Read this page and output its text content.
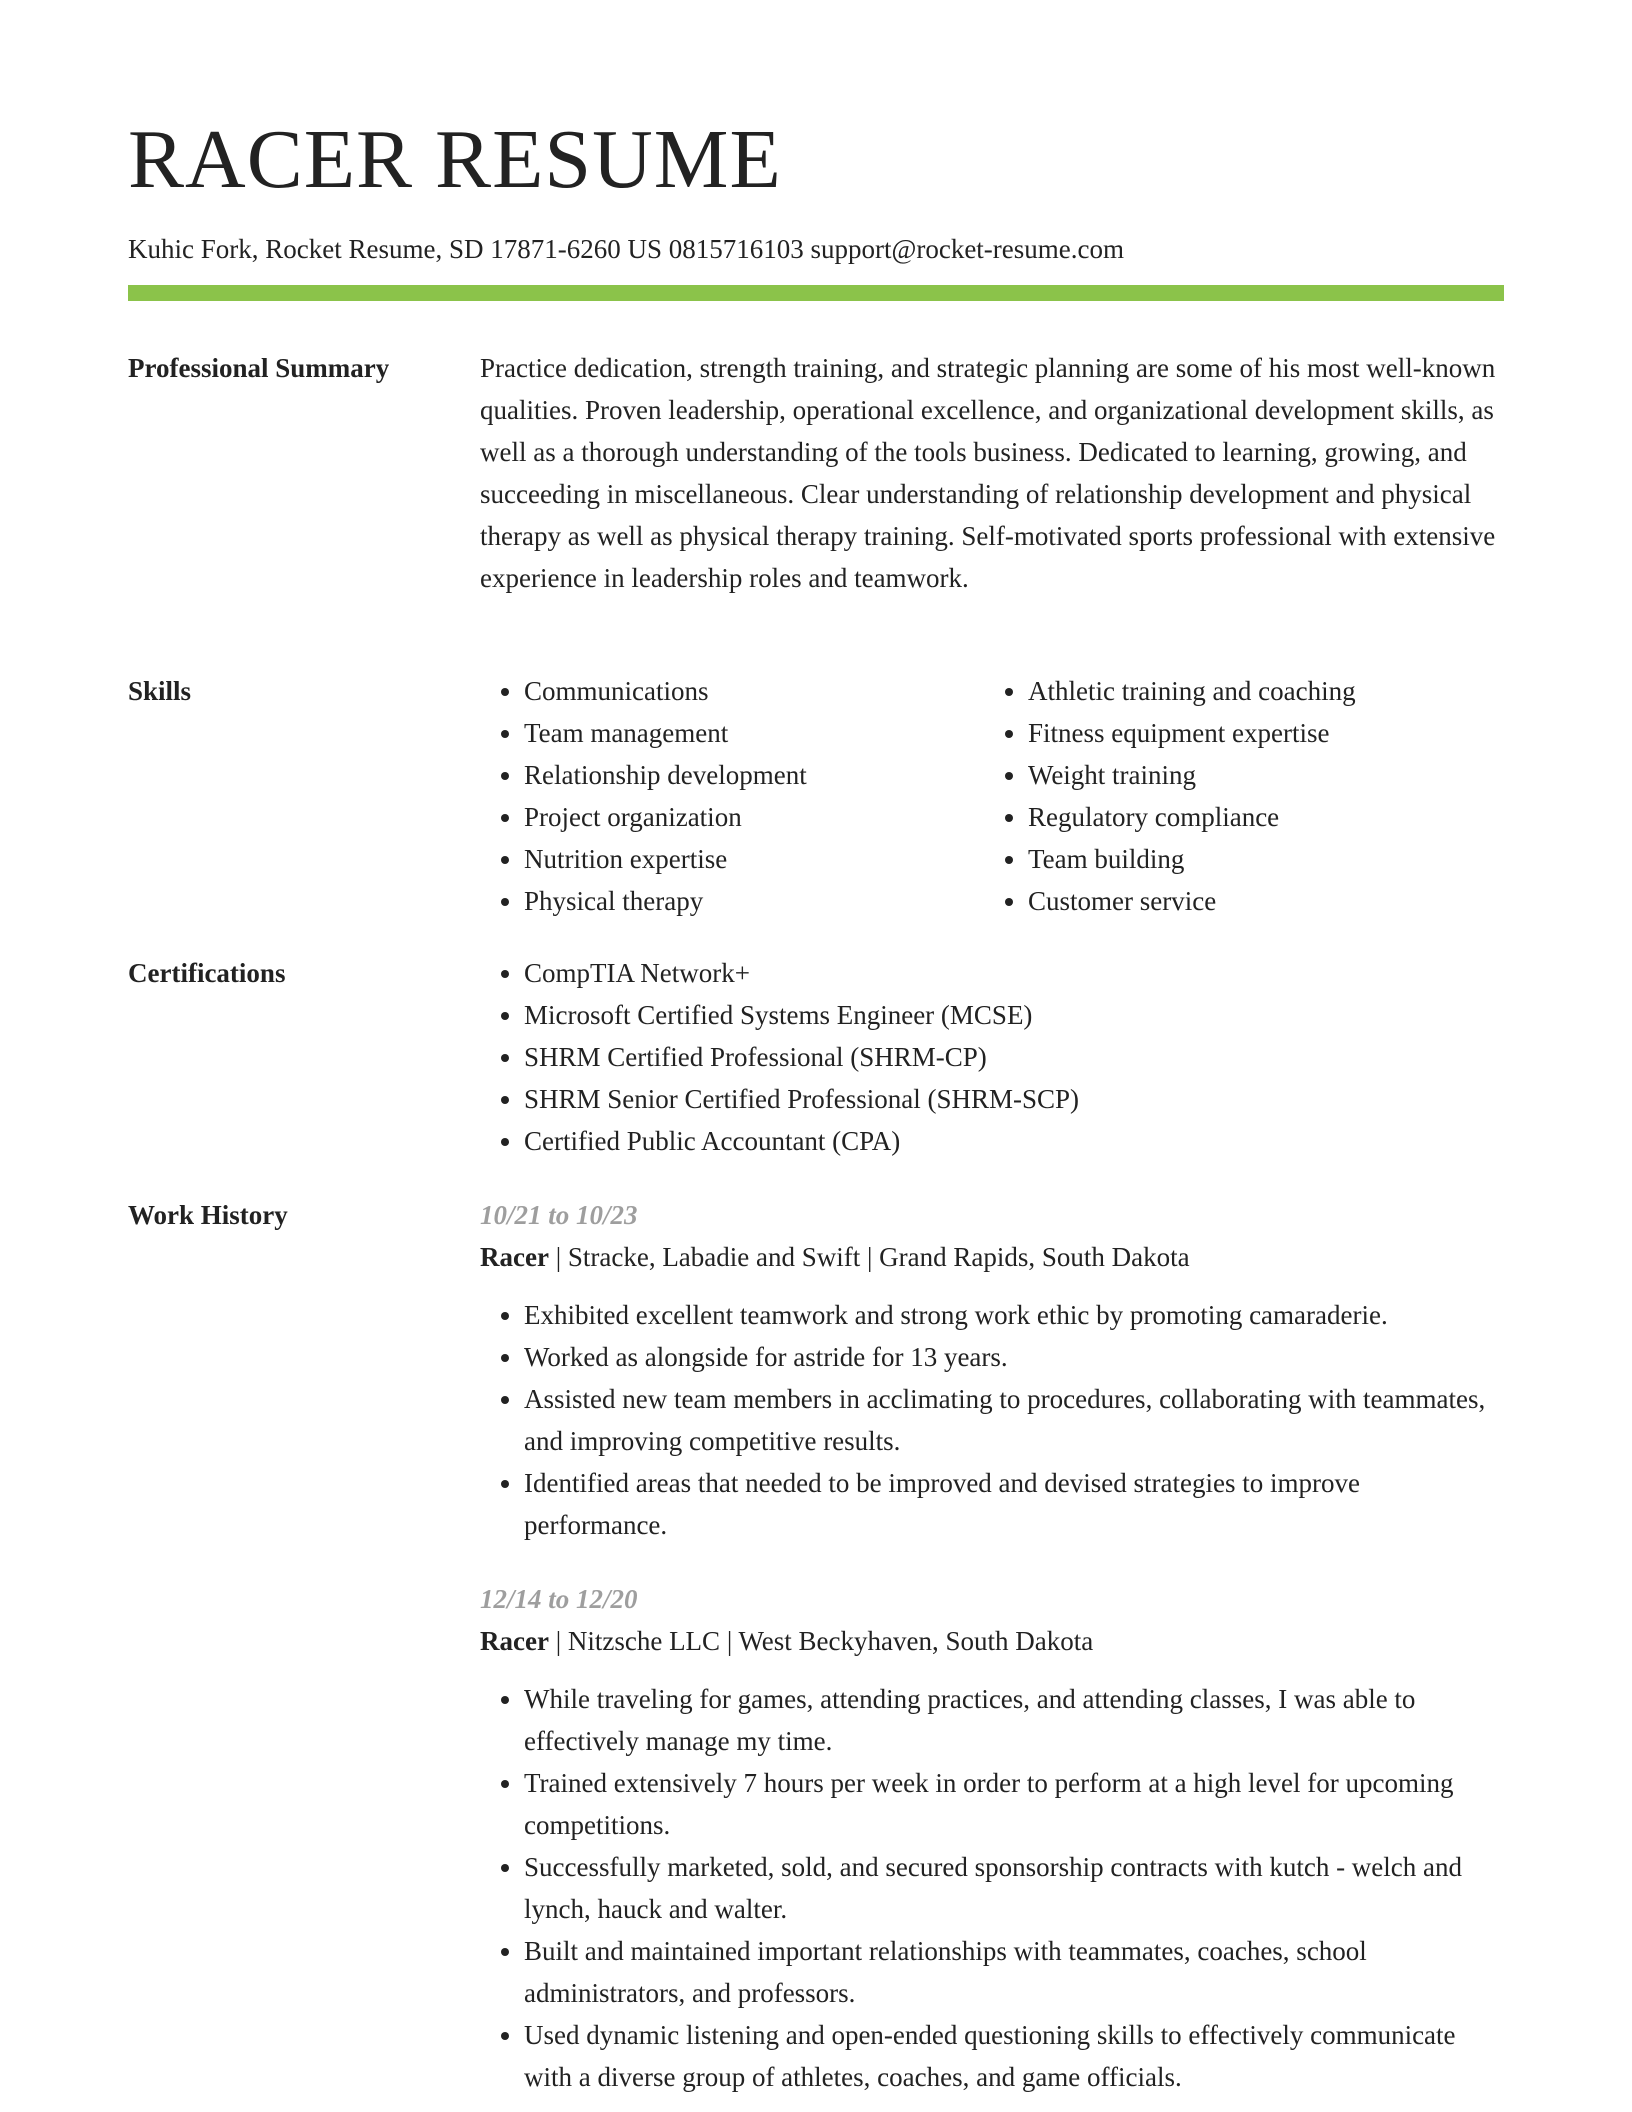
RACER RESUME
Kuhic Fork, Rocket Resume, SD 17871-6260 US 0815716103 support@rocket-resume.com
Professional Summary	Practice dedication, strength training, and strategic planning are some of his most well-known qualities. Proven leadership, operational excellence, and organizational development skills, as well as a thorough understanding of the tools business. Dedicated to learning, growing, and succeeding in miscellaneous. Clear understanding of relationship development and physical therapy as well as physical therapy training. Self-motivated sports professional with extensive experience in leadership roles and teamwork.

Skills	• Communications
• Team management
• Relationship development
• Project organization
• Nutrition expertise
• Physical therapy
• Athletic training and coaching
• Fitness equipment expertise
• Weight training
• Regulatory compliance
• Team building
• Customer service
Certifications	• CompTIA Network+
• Microsoft Certified Systems Engineer (MCSE)
• SHRM Certified Professional (SHRM-CP)
• SHRM Senior Certified Professional (SHRM-SCP)
• Certified Public Accountant (CPA)
Work History	10/21 to 10/23
Racer | Stracke, Labadie and Swift | Grand Rapids, South Dakota
• Exhibited excellent teamwork and strong work ethic by promoting camaraderie.
• Worked as alongside for astride for 13 years.
• Assisted new team members in acclimating to procedures, collaborating with teammates, and improving competitive results.
• Identified areas that needed to be improved and devised strategies to improve performance.
12/14 to 12/20
Racer | Nitzsche LLC | West Beckyhaven, South Dakota
• While traveling for games, attending practices, and attending classes, I was able to effectively manage my time.
• Trained extensively 7 hours per week in order to perform at a high level for upcoming competitions.
• Successfully marketed, sold, and secured sponsorship contracts with kutch - welch and lynch, hauck and walter.
• Built and maintained important relationships with teammates, coaches, school administrators, and professors.
• Used dynamic listening and open-ended questioning skills to effectively communicate with a diverse group of athletes, coaches, and game officials.
